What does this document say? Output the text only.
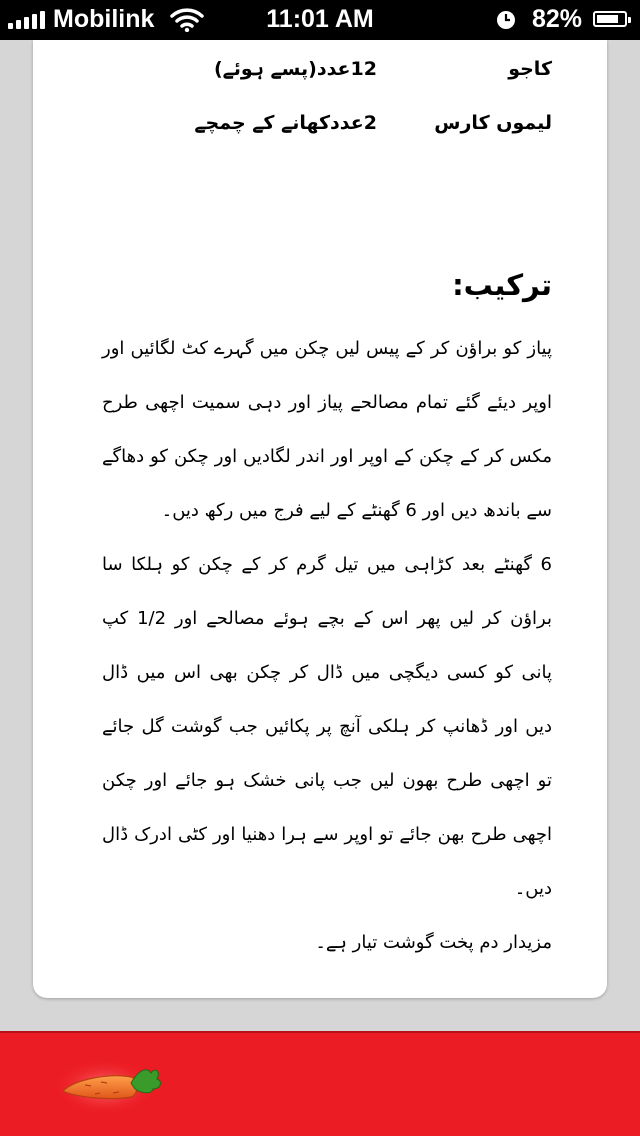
Mobilink	11:01 AM	82%
کاجو
12عدد(پسے ہوئے)
لیموں کارس
2عددکھانے کے چمچے
ترکیب:

پیاز کو براؤن کر کے پیس لیں چکن میں گہرے کٹ لگائیں اور اوپر دیئے گئے تمام مصالحے پیاز اور دہی سمیت اچھی طرح مکس کر کے چکن کے اوپر اور اندر لگادیں اور چکن کو دھاگے سے باندھ دیں اور 6 گھنٹے کے لیے فرج میں رکھ دیں۔

6 گھنٹے بعد کڑاہی میں تیل گرم کر کے چکن کو ہلکا سا براؤن کر لیں پھر اس کے بچے ہوئے مصالحے اور 1/2 کپ پانی کو کسی دیگچی میں ڈال کر چکن بھی اس میں ڈال دیں اور ڈھانپ کر ہلکی آنچ پر پکائیں جب گوشت گل جائے تو اچھی طرح بھون لیں جب پانی خشک ہو جائے اور چکن اچھی طرح بھن جائے تو اوپر سے ہرا دھنیا اور کٹی ادرک ڈال دیں۔

مزیدار دم پخت گوشت تیار ہے۔
